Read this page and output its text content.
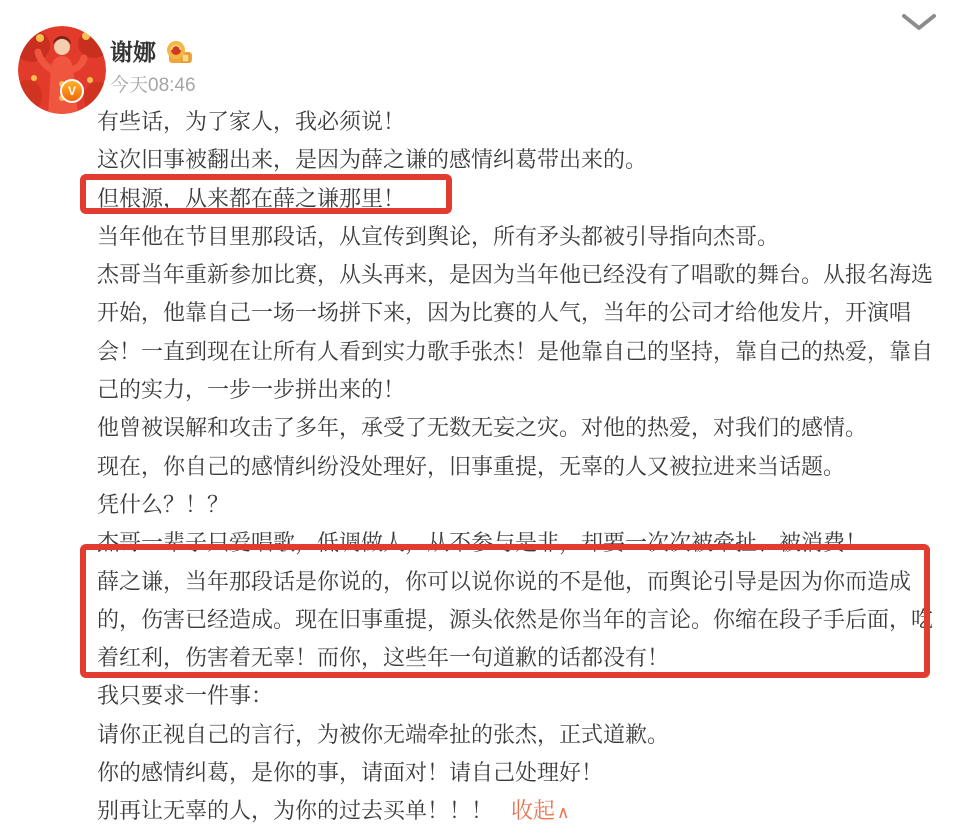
V
谢娜
今天08:46
有些话，为了家人，我必须说！
这次旧事被翻出来，是因为薛之谦的感情纠葛带出来的。
但根源，从来都在薛之谦那里！
当年他在节目里那段话，从宣传到舆论，所有矛头都被引导指向杰哥。
杰哥当年重新参加比赛，从头再来，是因为当年他已经没有了唱歌的舞台。从报名海选
开始，他靠自己一场一场拼下来，因为比赛的人气，当年的公司才给他发片，开演唱
会！一直到现在让所有人看到实力歌手张杰！是他靠自己的坚持，靠自己的热爱，靠自
己的实力，一步一步拼出来的！
他曾被误解和攻击了多年，承受了无数无妄之灾。对他的热爱，对我们的感情。
现在，你自己的感情纠纷没处理好，旧事重提，无辜的人又被拉进来当话题。
凭什么？！？
杰哥一辈子只爱唱歌，低调做人，从不参与是非，却要一次次被牵扯、被消费！
薛之谦，当年那段话是你说的，你可以说你说的不是他，而舆论引导是因为你而造成
的，伤害已经造成。现在旧事重提，源头依然是你当年的言论。你缩在段子手后面，吃
着红利，伤害着无辜！而你，这些年一句道歉的话都没有！
我只要求一件事：
请你正视自己的言行，为被你无端牵扯的张杰，正式道歉。
你的感情纠葛，是你的事，请面对！请自己处理好！
别再让无辜的人，为你的过去买单！！！ 收起 ∧
